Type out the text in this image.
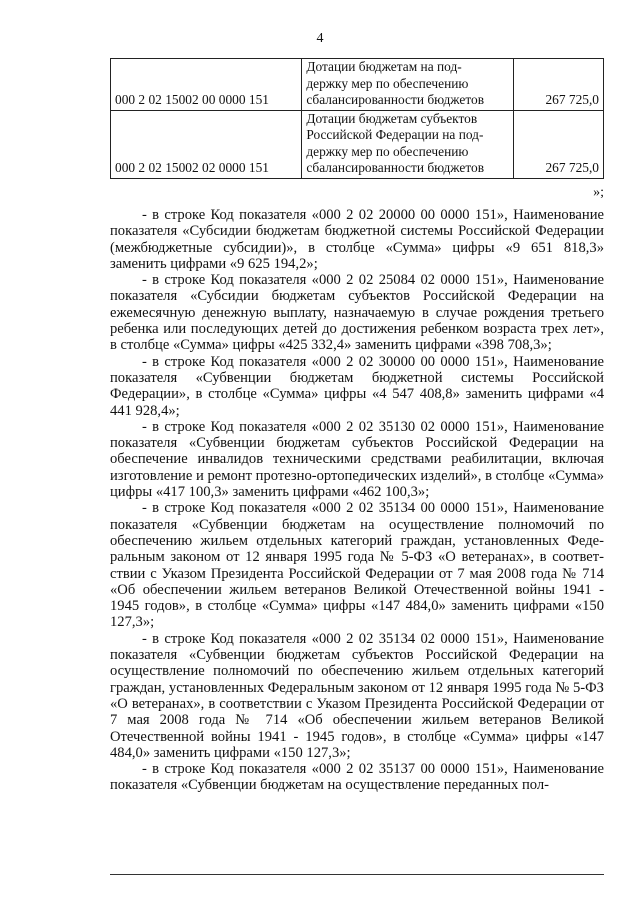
4
000 2 02 15002 00 0000 151	Дотации бюджетам на под-
держку мер по обеспечению
сбалансированности бюджетов	267 725,0
000 2 02 15002 02 0000 151	Дотации бюджетам субъектов
Российской Федерации на под-
держку мер по обеспечению
сбалансированности бюджетов	267 725,0
»;

- в строке Код показателя «000 2 02 20000 00 0000 151», Наименование показателя «Субсидии бюджетам бюджетной системы Российской Федерации (межбюджетные субсидии)», в столбце «Сумма» цифры «9 651 818,3» заменить цифрами «9 625 194,2»;

- в строке Код показателя «000 2 02 25084 02 0000 151», Наименование показателя «Субсидии бюджетам субъектов Российской Федерации на ежемесячную денежную выплату, назначаемую в случае рождения третьего ребенка или последующих детей до достижения ребенком возраста трех лет», в столбце «Сумма» цифры «425 332,4» заменить цифрами «398 708,3»;

- в строке Код показателя «000 2 02 30000 00 0000 151», Наименование показателя «Субвенции бюджетам бюджетной системы Российской Федерации», в столбце «Сумма» цифры «4 547 408,8» заменить цифрами «4 441 928,4»;

- в строке Код показателя «000 2 02 35130 02 0000 151», Наименование показателя «Субвенции бюджетам субъектов Российской Федерации на обеспечение инвалидов техническими средствами реабилитации, включая изготовление и ремонт протезно-ортопедических изделий», в столбце «Сумма» цифры «417 100,3» заменить цифрами «462 100,3»;

- в строке Код показателя «000 2 02 35134 00 0000 151», Наименование показателя «Субвенции бюджетам на осуществление полномочий по обеспечению жильем отдельных категорий граждан, установленных Федеральным законом от 12 января 1995 года № 5-ФЗ «О ветеранах», в соответствии с Указом Президента Российской Федерации от 7 мая 2008 года № 714 «Об обеспечении жильем ветеранов Великой Отечественной войны 1941 - 1945 годов», в столбце «Сумма» цифры «147 484,0» заменить цифрами «150 127,3»;

- в строке Код показателя «000 2 02 35134 02 0000 151», Наименование показателя «Субвенции бюджетам субъектов Российской Федерации на осуществление полномочий по обеспечению жильем отдельных категорий граждан, установленных Федеральным законом от 12 января 1995 года № 5-ФЗ «О ветеранах», в соответствии с Указом Президента Российской Федерации от 7 мая 2008 года № 714 «Об обеспечении жильем ветеранов Великой Отечественной войны 1941 - 1945 годов», в столбце «Сумма» цифры «147 484,0» заменить цифрами «150 127,3»;

- в строке Код показателя «000 2 02 35137 00 0000 151», Наименование показателя «Субвенции бюджетам на осуществление переданных пол-
